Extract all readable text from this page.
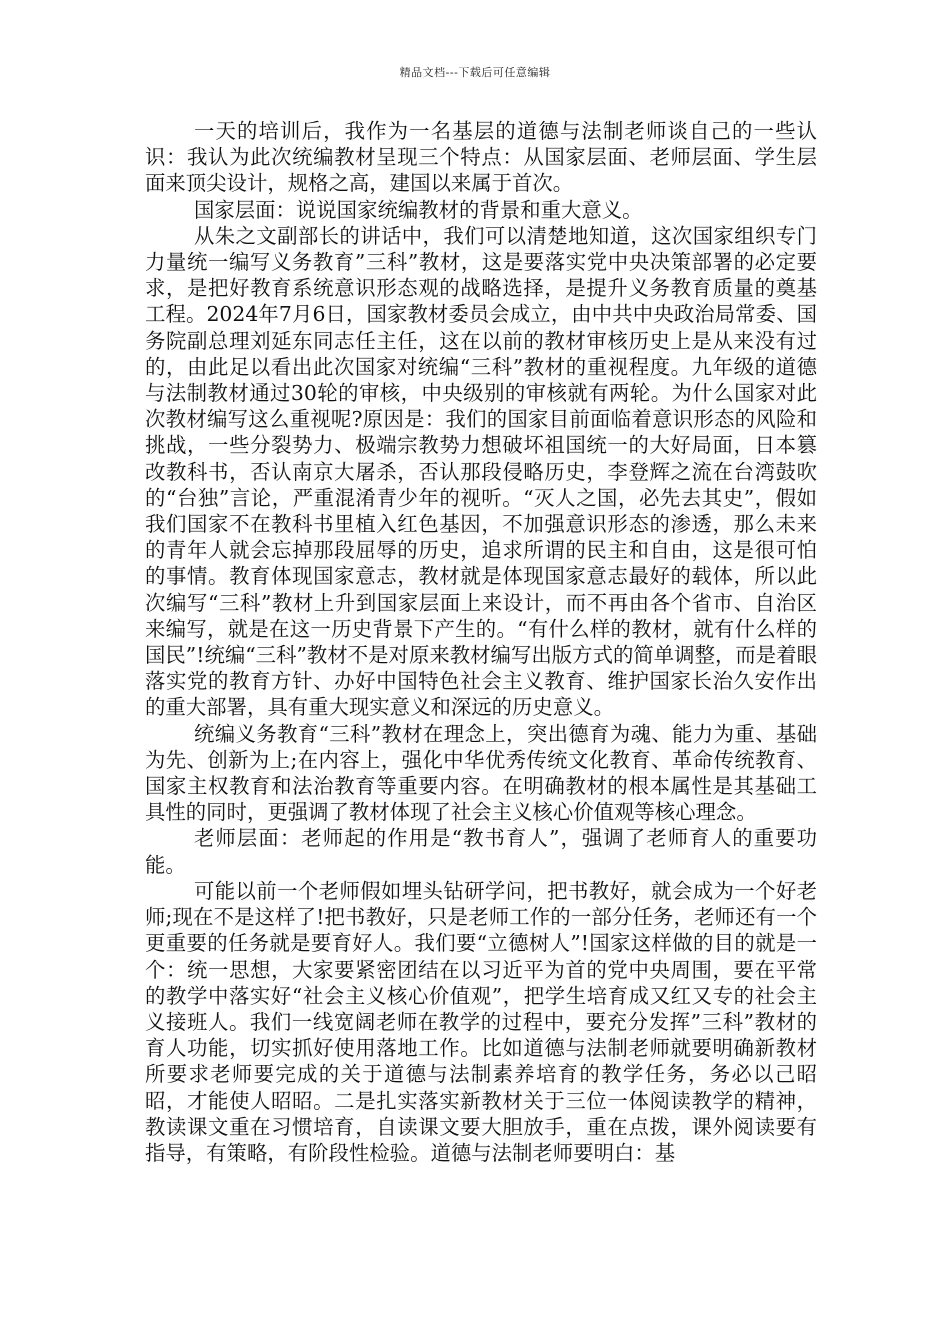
精品文档---下载后可任意编辑

一天的培训后，我作为一名基层的道德与法制老师谈自己的一些认识：我认为此次统编教材呈现三个特点：从国家层面、老师层面、学生层面来顶尖设计，规格之高，建国以来属于首次。

国家层面：说说国家统编教材的背景和重大意义。

从朱之文副部长的讲话中，我们可以清楚地知道，这次国家组织专门力量统一编写义务教育”三科”教材，这是要落实党中央决策部署的必定要求，是把好教育系统意识形态观的战略选择，是提升义务教育质量的奠基工程。2024年7月6日，国家教材委员会成立，由中共中央政治局常委、国务院副总理刘延东同志任主任，这在以前的教材审核历史上是从来没有过的，由此足以看出此次国家对统编“三科”教材的重视程度。九年级的道德与法制教材通过30轮的审核，中央级别的审核就有两轮。为什么国家对此次教材编写这么重视呢?原因是：我们的国家目前面临着意识形态的风险和挑战，一些分裂势力、极端宗教势力想破坏祖国统一的大好局面，日本篡改教科书，否认南京大屠杀，否认那段侵略历史，李登辉之流在台湾鼓吹的“台独”言论，严重混淆青少年的视听。“灭人之国，必先去其史”，假如我们国家不在教科书里植入红色基因，不加强意识形态的渗透，那么未来的青年人就会忘掉那段屈辱的历史，追求所谓的民主和自由，这是很可怕的事情。教育体现国家意志，教材就是体现国家意志最好的载体，所以此次编写“三科”教材上升到国家层面上来设计，而不再由各个省市、自治区来编写，就是在这一历史背景下产生的。“有什么样的教材，就有什么样的国民”!统编“三科”教材不是对原来教材编写出版方式的简单调整，而是着眼落实党的教育方针、办好中国特色社会主义教育、维护国家长治久安作出的重大部署，具有重大现实意义和深远的历史意义。

统编义务教育“三科”教材在理念上，突出德育为魂、能力为重、基础为先、创新为上;在内容上，强化中华优秀传统文化教育、革命传统教育、国家主权教育和法治教育等重要内容。在明确教材的根本属性是其基础工具性的同时，更强调了教材体现了社会主义核心价值观等核心理念。

老师层面：老师起的作用是“教书育人”，强调了老师育人的重要功能。

可能以前一个老师假如埋头钻研学问，把书教好，就会成为一个好老师;现在不是这样了!把书教好，只是老师工作的一部分任务，老师还有一个更重要的任务就是要育好人。我们要“立德树人”!国家这样做的目的就是一个：统一思想，大家要紧密团结在以习近平为首的党中央周围，要在平常的教学中落实好“社会主义核心价值观”，把学生培育成又红又专的社会主义接班人。我们一线宽阔老师在教学的过程中，要充分发挥”三科”教材的育人功能，切实抓好使用落地工作。比如道德与法制老师就要明确新教材所要求老师要完成的关于道德与法制素养培育的教学任务，务必以己昭昭，才能使人昭昭。二是扎实落实新教材关于三位一体阅读教学的精神，教读课文重在习惯培育，自读课文要大胆放手，重在点拨，课外阅读要有指导，有策略，有阶段性检验。道德与法制老师要明白：基
